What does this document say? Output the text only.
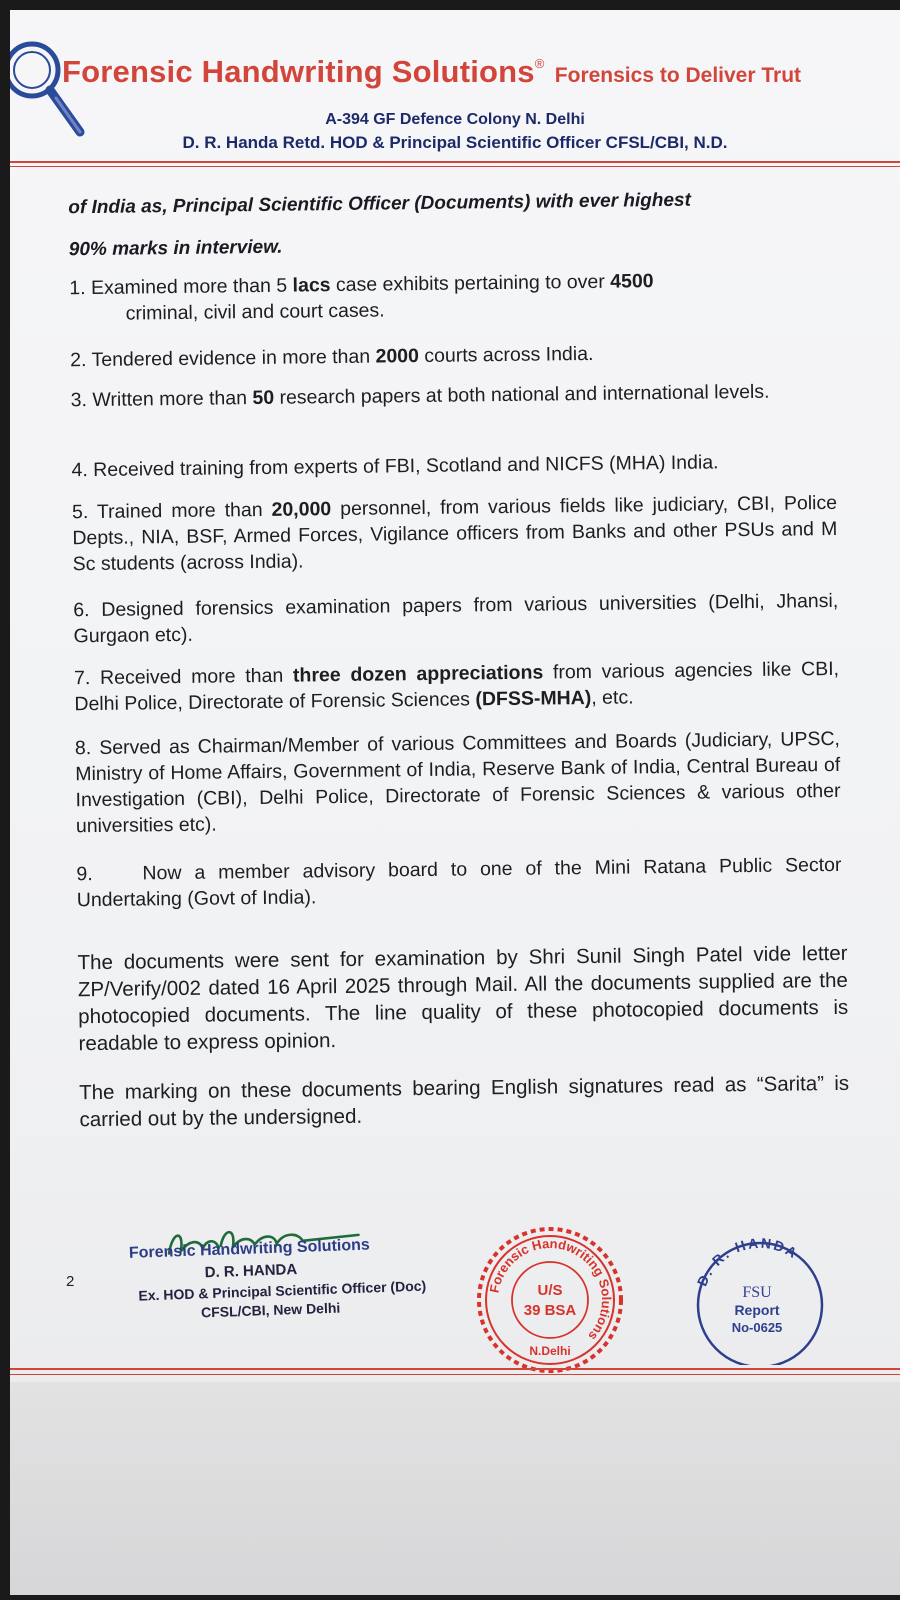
Forensic Handwriting Solutions® Forensics to Deliver Trut
A-394 GF Defence Colony N. Delhi
D. R. Handa Retd. HOD & Principal Scientific Officer CFSL/CBI, N.D.
of India as, Principal Scientific Officer (Documents) with ever highest
90% marks in interview.
1. Examined more than 5 lacs case exhibits pertaining to over 4500
criminal, civil and court cases.
2. Tendered evidence in more than 2000 courts across India.
3. Written more than 50 research papers at both national and international levels.
4. Received training from experts of FBI, Scotland and NICFS (MHA) India.
5. Trained more than 20,000 personnel, from various fields like judiciary, CBI, Police Depts., NIA, BSF, Armed Forces, Vigilance officers from Banks and other PSUs and M Sc students (across India).
6. Designed forensics examination papers from various universities (Delhi, Jhansi, Gurgaon etc).
7. Received more than three dozen appreciations from various agencies like CBI, Delhi Police, Directorate of Forensic Sciences (DFSS-MHA), etc.
8. Served as Chairman/Member of various Committees and Boards (Judiciary, UPSC, Ministry of Home Affairs, Government of India, Reserve Bank of India, Central Bureau of Investigation (CBI), Delhi Police, Directorate of Forensic Sciences & various other universities etc).
9.	Now a member advisory board to one of the Mini Ratana Public Sector Undertaking (Govt of India).
The documents were sent for examination by Shri Sunil Singh Patel vide letter ZP/Verify/002 dated 16 April 2025 through Mail. All the documents supplied are the photocopied documents. The line quality of these photocopied documents is readable to express opinion.
The marking on these documents bearing English signatures read as “Sarita” is carried out by the undersigned.
2
Forensic Handwriting Solutions
D. R. HANDA
Ex. HOD & Principal Scientific Officer (Doc)
CFSL/CBI, New Delhi
Forensic Handwriting Solutions
U/S
39 BSA
N.Delhi
D. R. HANDA
FSU
Report
No-0625
